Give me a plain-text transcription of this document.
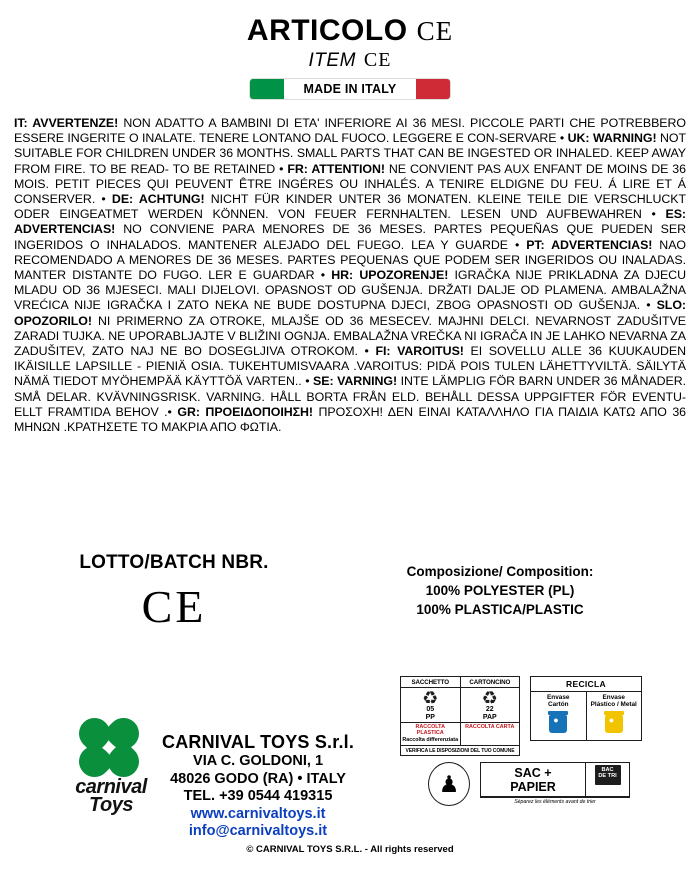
ARTICOLO CE
ITEM CE
MADE IN ITALY
IT: AVVERTENZE! NON ADATTO A BAMBINI DI ETA' INFERIORE AI 36 MESI. PICCOLE PARTI CHE POTREBBERO ESSERE INGERITE O INALATE. TENERE LONTANO DAL FUOCO. LEGGERE E CON-SERVARE • UK: WARNING! NOT SUITABLE FOR CHILDREN UNDER 36 MONTHS. SMALL PARTS THAT CAN BE INGESTED OR INHALED. KEEP AWAY FROM FIRE. TO BE READ- TO BE RETAINED • FR: ATTENTION! NE CONVIENT PAS AUX ENFANT DE MOINS DE 36 MOIS. PETIT PIECES QUI PEUVENT ÊTRE INGÉRES OU INHALÉS. A TENIRE ELDIGNE DU FEU. Á LIRE ET Á CONSERVER. • DE: ACHTUNG! NICHT FÜR KINDER UNTER 36 MONATEN. KLEINE TEILE DIE VERSCHLUCKT ODER EINGEATMET WERDEN KÖNNEN. VON FEUER FERNHALTEN. LESEN UND AUFBEWAHREN • ES: ADVERTENCIAS! NO CONVIENE PARA MENORES DE 36 MESES. PARTES PEQUEÑAS QUE PUEDEN SER INGERIDOS O INHALADOS. MANTENER ALEJADO DEL FUEGO. LEA Y GUARDE • PT: ADVERTENCIAS! NAO RECOMENDADO A MENORES DE 36 MESES. PARTES PEQUENAS QUE PODEM SER INGERIDOS OU INALADAS. MANTER DISTANTE DO FUGO. LER E GUARDAR • HR: UPOZORENJE! IGRAČKA NIJE PRIKLADNA ZA DJECU MLADU OD 36 MJESECI. MALI DIJELOVI. OPASNOST OD GUŠENJA. DRŽATI DALJE OD PLAMENA. AMBALAŽNA VREĆICA NIJE IGRAČKA I ZATO NEKA NE BUDE DOSTUPNA DJECI, ZBOG OPASNOSTI OD GUŠENJA. • SLO: OPOZORILO! NI PRIMERNO ZA OTROKE, MLAJŠE OD 36 MESECEV. MAJHNI DELCI. NEVARNOST ZADUŠITVE ZARADI TUJKA. NE UPORABLJAJTE V BLIŽINI OGNJA. EMBALAŽNA VREČKA NI IGRAČA IN JE LAHKO NEVARNA ZA ZADUŠITEV, ZATO NAJ NE BO DOSEGLJIVA OTROKOM. • FI: VAROITUS! EI SOVELLU ALLE 36 KUUKAUDEN IKÄISILLE LAPSILLE - PIENIÄ OSIA. TUKEHTUMISVAARA .VAROITUS: PIDÄ POIS TULEN LÄHETTYVILTÄ. SÄILYTÄ NÄMÄ TIEDOT MYÖHEMPÄÄ KÄYTTÖÄ VARTEN.. • SE: VARNING! INTE LÄMPLIG FÖR BARN UNDER 36 MÅNADER. SMÅ DELAR. KVÄVNINGSRISK. VARNING. HÅLL BORTA FRÅN ELD. BEHÅLL DESSA UPPGIFTER FÖR EVENTU-ELLT FRAMTIDA BEHOV .• GR: ΠΡΟΕΙΔΟΠΟΙΗΣΗ! ΠΡΟΣΟΧΗ! ΔΕΝ ΕΙΝΑΙ ΚΑΤΑΛΛΗΛΟ ΓΙΑ ΠΑΙΔΙΑ ΚΑΤΩ ΑΠΟ 36 ΜΗΝΩΝ .ΚΡΑΤΗΣΕΤΕ ΤΟ ΜΑΚΡΙΑ ΑΠΟ ΦΩΤΙΑ.
LOTTO/BATCH NBR.
CE
Composizione/ Composition:
100% POLYESTER (PL)
100% PLASTICA/PLASTIC
carnival
Toys
CARNIVAL TOYS S.r.l.
VIA C. GOLDONI, 1
48026 GODO (RA) • ITALY
TEL. +39 0544 419315
www.carnivaltoys.it
info@carnivaltoys.it
SACCHETTO	CARTONCINO
♻
05
PP
♻
22
PAP
RACCOLTA PLASTICA
Raccolta differenziata
RACCOLTA CARTA
VERIFICA LE DISPOSIZIONI DEL TUO COMUNE
RECICLA
Envase
Cartón
●
Envase
Plástico / Metal
●
♟	SAC +
PAPIER
BAC
DE TRI
Séparez les éléments avant de trier
© CARNIVAL TOYS S.R.L. - All rights reserved
